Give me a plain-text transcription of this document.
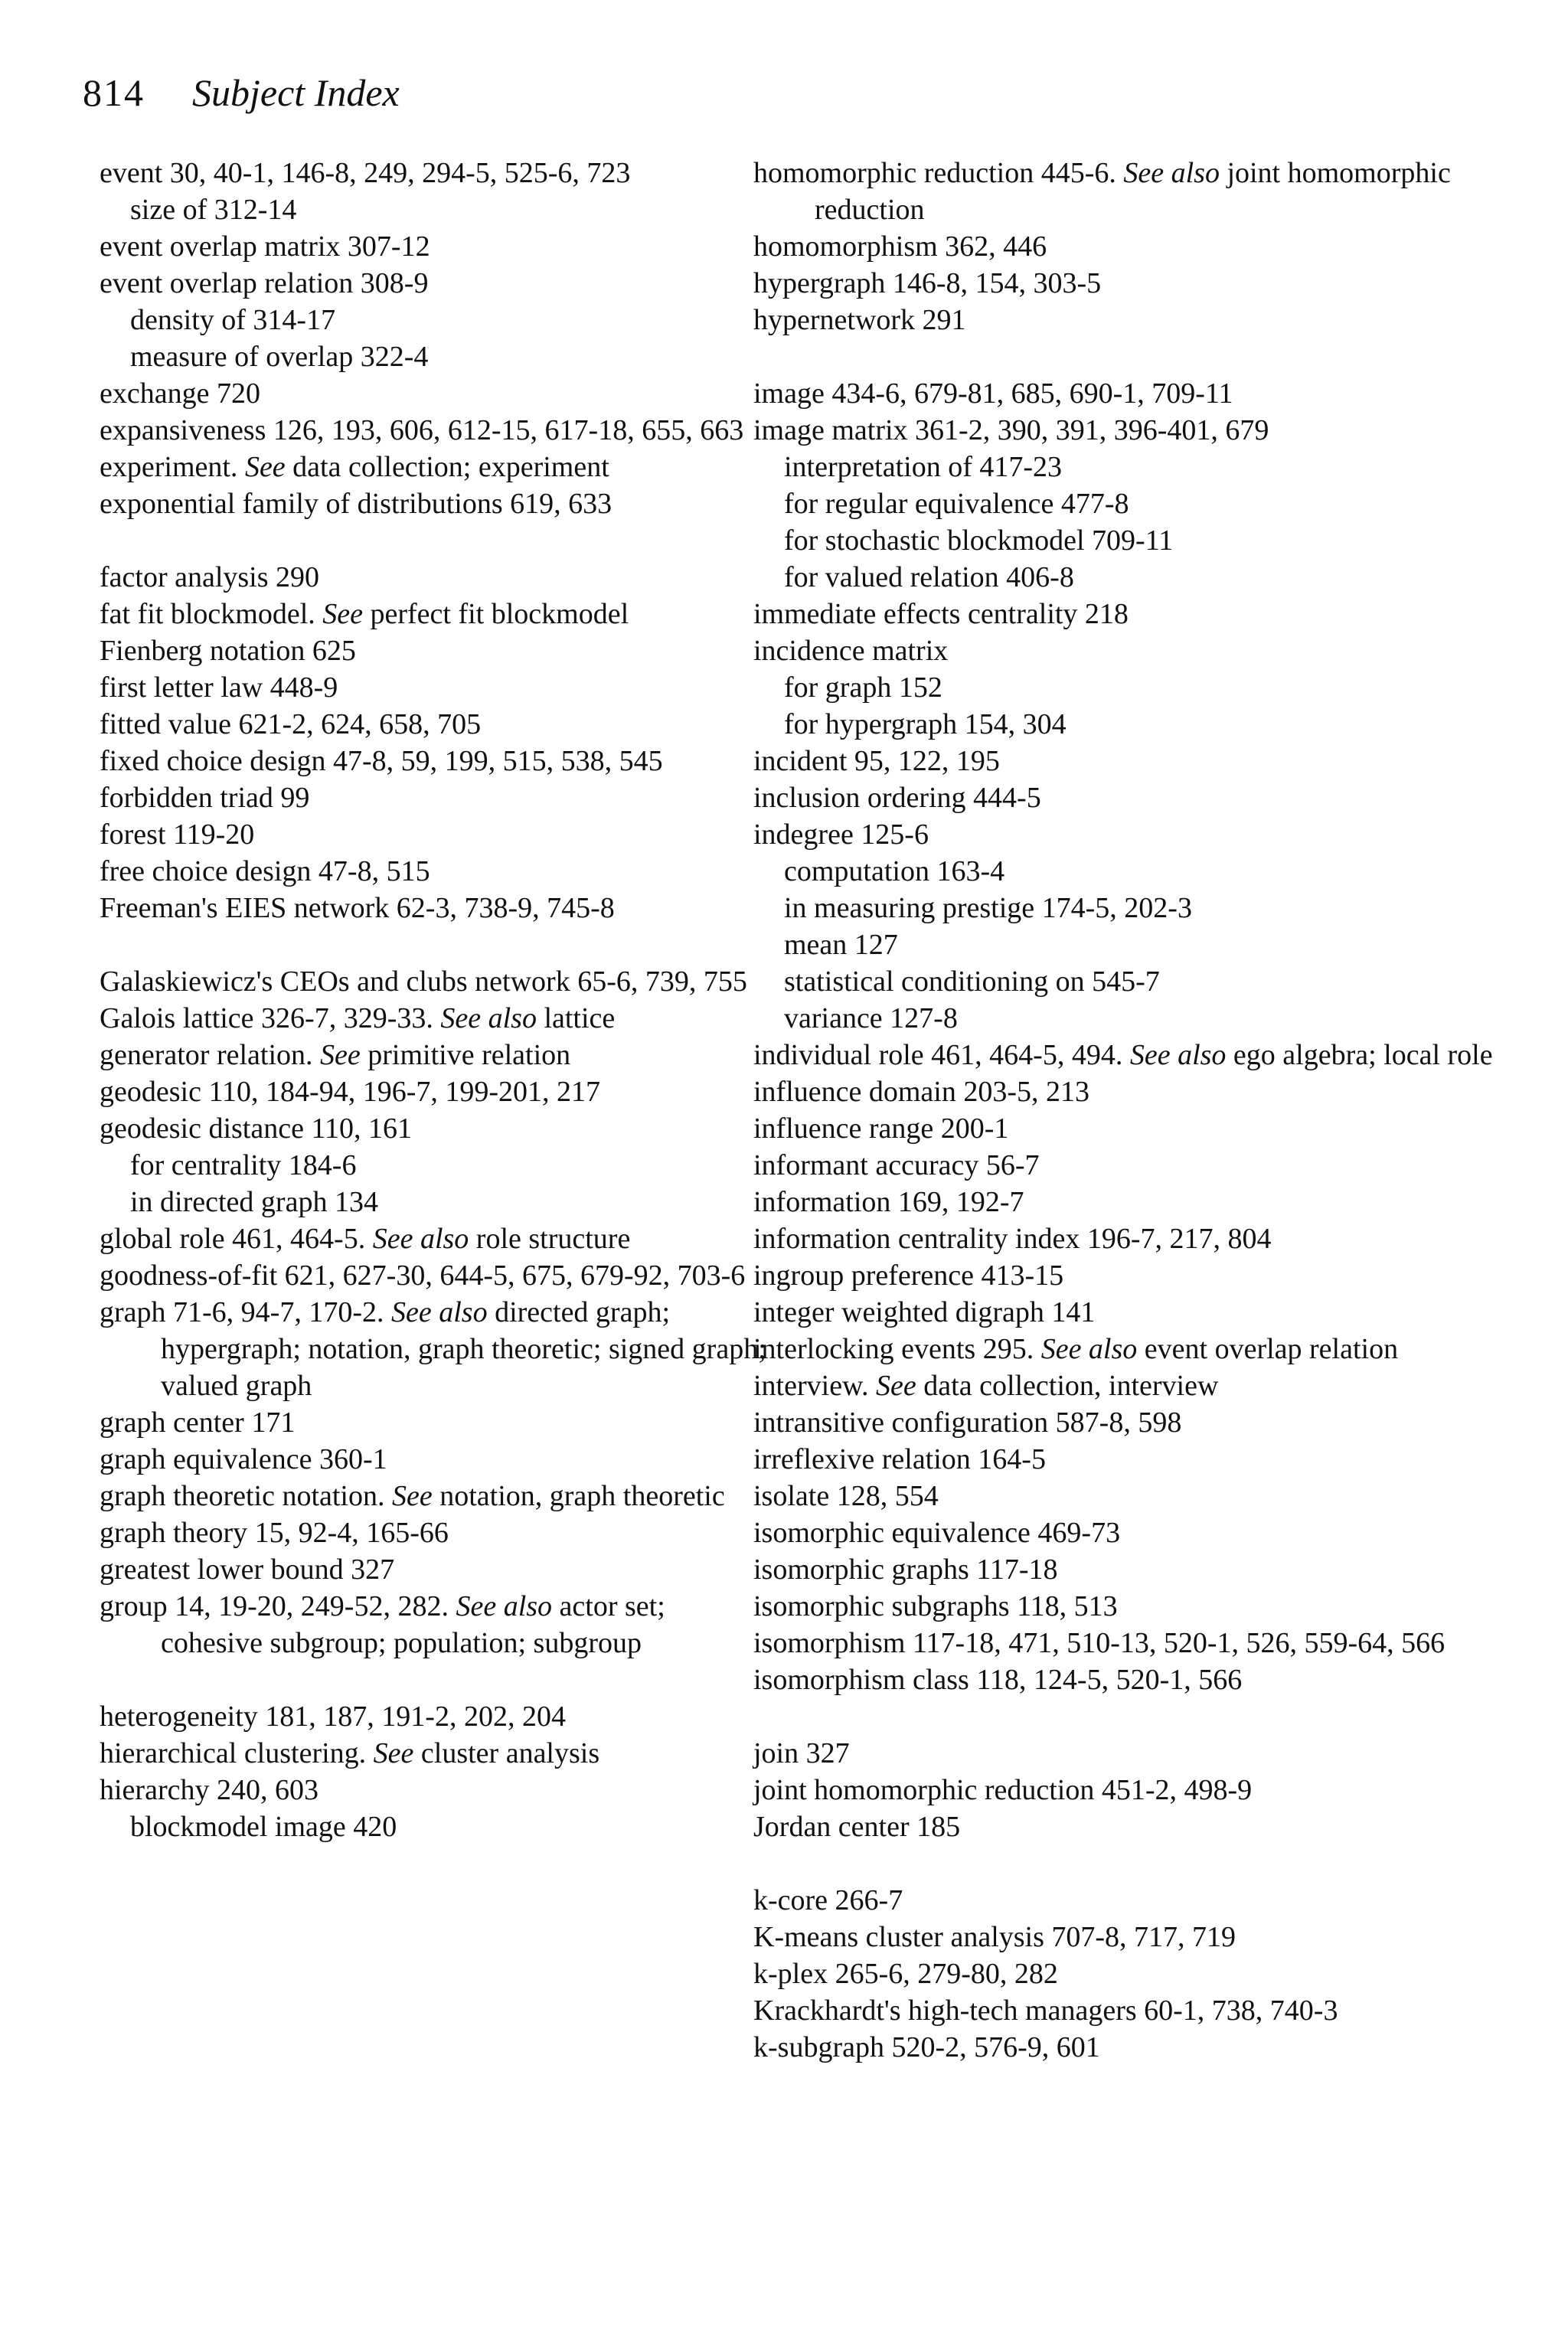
814 Subject Index
event 30, 40-1, 146-8, 249, 294-5, 525-6, 723
size of 312-14
event overlap matrix 307-12
event overlap relation 308-9
density of 314-17
measure of overlap 322-4
exchange 720
expansiveness 126, 193, 606, 612-15, 617-18, 655, 663
experiment. See data collection; experiment
exponential family of distributions 619, 633
factor analysis 290
fat fit blockmodel. See perfect fit blockmodel
Fienberg notation 625
first letter law 448-9
fitted value 621-2, 624, 658, 705
fixed choice design 47-8, 59, 199, 515, 538, 545
forbidden triad 99
forest 119-20
free choice design 47-8, 515
Freeman's EIES network 62-3, 738-9, 745-8
Galaskiewicz's CEOs and clubs network 65-6, 739, 755
Galois lattice 326-7, 329-33. See also lattice
generator relation. See primitive relation
geodesic 110, 184-94, 196-7, 199-201, 217
geodesic distance 110, 161
for centrality 184-6
in directed graph 134
global role 461, 464-5. See also role structure
goodness-of-fit 621, 627-30, 644-5, 675, 679-92, 703-6
graph 71-6, 94-7, 170-2. See also directed graph; hypergraph; notation, graph theoretic; signed graph; valued graph
graph center 171
graph equivalence 360-1
graph theoretic notation. See notation, graph theoretic
graph theory 15, 92-4, 165-66
greatest lower bound 327
group 14, 19-20, 249-52, 282. See also actor set; cohesive subgroup; population; subgroup
heterogeneity 181, 187, 191-2, 202, 204
hierarchical clustering. See cluster analysis
hierarchy 240, 603
blockmodel image 420
homomorphic reduction 445-6. See also joint homomorphic reduction
homomorphism 362, 446
hypergraph 146-8, 154, 303-5
hypernetwork 291
image 434-6, 679-81, 685, 690-1, 709-11
image matrix 361-2, 390, 391, 396-401, 679
interpretation of 417-23
for regular equivalence 477-8
for stochastic blockmodel 709-11
for valued relation 406-8
immediate effects centrality 218
incidence matrix
for graph 152
for hypergraph 154, 304
incident 95, 122, 195
inclusion ordering 444-5
indegree 125-6
computation 163-4
in measuring prestige 174-5, 202-3
mean 127
statistical conditioning on 545-7
variance 127-8
individual role 461, 464-5, 494. See also ego algebra; local role
influence domain 203-5, 213
influence range 200-1
informant accuracy 56-7
information 169, 192-7
information centrality index 196-7, 217, 804
ingroup preference 413-15
integer weighted digraph 141
interlocking events 295. See also event overlap relation
interview. See data collection, interview
intransitive configuration 587-8, 598
irreflexive relation 164-5
isolate 128, 554
isomorphic equivalence 469-73
isomorphic graphs 117-18
isomorphic subgraphs 118, 513
isomorphism 117-18, 471, 510-13, 520-1, 526, 559-64, 566
isomorphism class 118, 124-5, 520-1, 566
join 327
joint homomorphic reduction 451-2, 498-9
Jordan center 185
k-core 266-7
K-means cluster analysis 707-8, 717, 719
k-plex 265-6, 279-80, 282
Krackhardt's high-tech managers 60-1, 738, 740-3
k-subgraph 520-2, 576-9, 601
